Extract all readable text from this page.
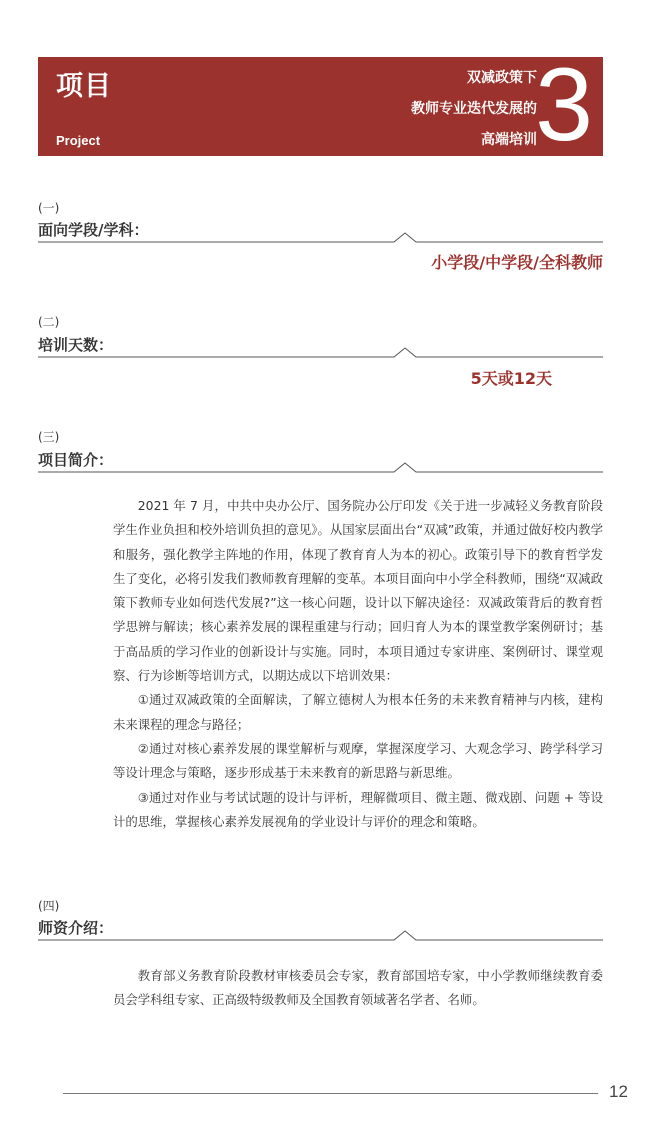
项目
Project
双减政策下
教师专业迭代发展的
高端培训
3
(一)
面向学段/学科：
小学段/中学段/全科教师
(二)
培训天数：
5天或12天
(三)
项目简介：

2021 年 7 月，中共中央办公厅、国务院办公厅印发《关于进一步减轻义务教育阶段学生作业负担和校外培训负担的意见》。从国家层面出台“双减”政策，并通过做好校内教学和服务，强化教学主阵地的作用，体现了教育育人为本的初心。政策引导下的教育哲学发生了变化，必将引发我们教师教育理解的变革。本项目面向中小学全科教师，围绕“双减政策下教师专业如何迭代发展?”这一核心问题，设计以下解决途径：双减政策背后的教育哲学思辨与解读；核心素养发展的课程重建与行动；回归育人为本的课堂教学案例研讨；基于高品质的学习作业的创新设计与实施。同时，本项目通过专家讲座、案例研讨、课堂观察、行为诊断等培训方式，以期达成以下培训效果：

①通过双减政策的全面解读，了解立德树人为根本任务的未来教育精神与内核，建构未来课程的理念与路径；

②通过对核心素养发展的课堂解析与观摩，掌握深度学习、大观念学习、跨学科学习等设计理念与策略，逐步形成基于未来教育的新思路与新思维。

③通过对作业与考试试题的设计与评析，理解微项目、微主题、微戏剧、问题 + 等设计的思维，掌握核心素养发展视角的学业设计与评价的理念和策略。

(四)
师资介绍：

教育部义务教育阶段教材审核委员会专家，教育部国培专家，中小学教师继续教育委员会学科组专家、正高级特级教师及全国教育领域著名学者、名师。

12
